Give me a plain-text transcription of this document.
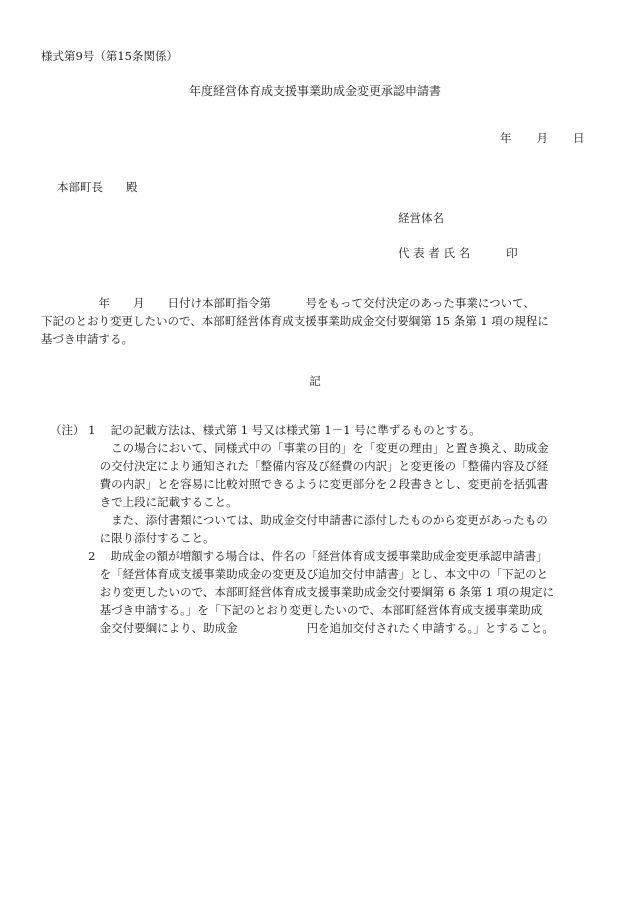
様式第9号（第15条関係）
年度経営体育成支援事業助成金変更承認申請書
年 月 日
本部町長　　殿
経営体名
代 表 者 氏 名	印
　　　　　年　　月　　日付け本部町指令第　　　号をもって交付決定のあった事業について、
下記のとおり変更したいので、本部町経営体育成支援事業助成金交付要綱第 15 条第 1 項の規程に
基づき申請する。
記
（注） 1　 記の記載方法は、様式第 1 号又は様式第 1－1 号に準ずるものとする。
　　　　　 この場合において、同様式中の「事業の目的」を「変更の理由」と置き換え、助成金
　　　　 の交付決定により通知された「整備内容及び経費の内訳」と変更後の「整備内容及び経
　　　　 費の内訳」とを容易に比較対照できるように変更部分を２段書きとし、変更前を括弧書
　　　　 きで上段に記載すること。
　　　　　 また、添付書類については、助成金交付申請書に添付したものから変更があったもの
　　　　 に限り添付すること。
　　　 2　 助成金の額が増額する場合は、件名の「経営体育成支援事業助成金変更承認申請書」
　　　　 を「経営体育成支援事業助成金の変更及び追加交付申請書」とし、本文中の「下記のと
　　　　 おり変更したいので、本部町経営体育成支援事業助成金交付要綱第 6 条第 1 項の規定に
　　　　 基づき申請する。」を「下記のとおり変更したいので、本部町経営体育成支援事業助成
　　　　 金交付要綱により、助成金　　　　　　円を追加交付されたく申請する。」とすること。
